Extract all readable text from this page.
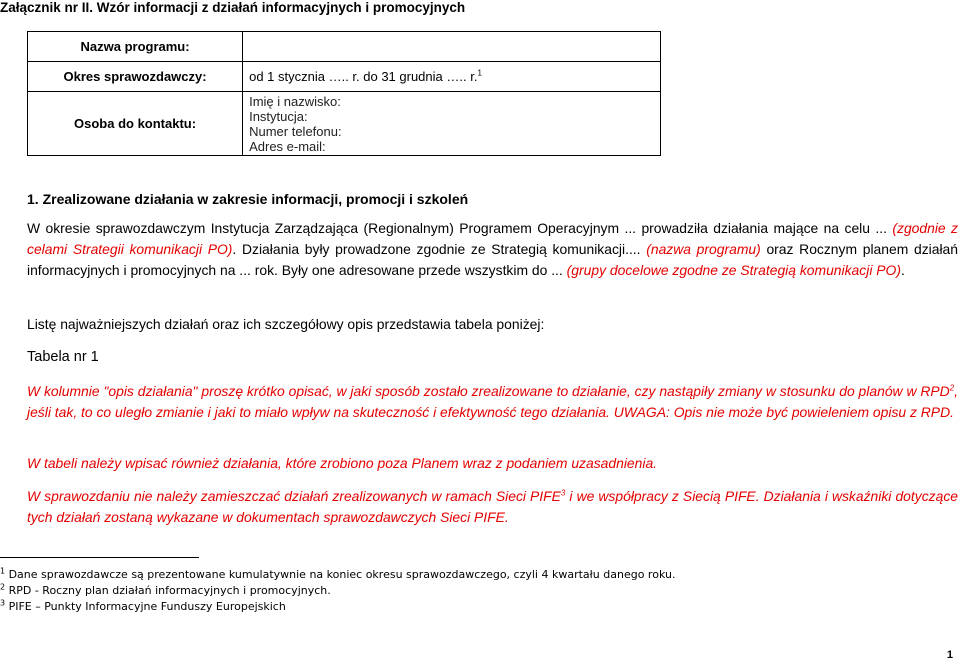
Załącznik nr II. Wzór informacji z działań informacyjnych i promocyjnych
Nazwa programu:	
Okres sprawozdawczy:	od 1 stycznia ….. r. do 31 grudnia ….. r.$^1$
Osoba do kontaktu:	Imię i nazwisko:
Instytucja:
Numer telefonu:
Adres e-mail:
1. Zrealizowane działania w zakresie informacji, promocji i szkoleń
W okresie sprawozdawczym Instytucja Zarządzająca (Regionalnym) Programem Operacyjnym ... prowadziła działania mające na celu ... (zgodnie z celami Strategii komunikacji PO). Działania były prowadzone zgodnie ze Strategią komunikacji.... (nazwa programu) oraz Rocznym planem działań informacyjnych i promocyjnych na ... rok. Były one adresowane przede wszystkim do ... (grupy docelowe zgodne ze Strategią komunikacji PO).
Listę najważniejszych działań oraz ich szczegółowy opis przedstawia tabela poniżej:
Tabela nr 1
W kolumnie "opis działania" proszę krótko opisać, w jaki sposób zostało zrealizowane to działanie, czy nastąpiły zmiany w stosunku do planów w RPD$^2$, jeśli tak, to co uległo zmianie i jaki to miało wpływ na skuteczność i efektywność tego działania. UWAGA: Opis nie może być powieleniem opisu z RPD.
W tabeli należy wpisać również działania, które zrobiono poza Planem wraz z podaniem uzasadnienia.
W sprawozdaniu nie należy zamieszczać działań zrealizowanych w ramach Sieci PIFE$^3$ i we współpracy z Siecią PIFE. Działania i wskaźniki dotyczące tych działań zostaną wykazane w dokumentach sprawozdawczych Sieci PIFE.
$^1$ Dane sprawozdawcze są prezentowane kumulatywnie na koniec okresu sprawozdawczego, czyli 4 kwartału danego roku.
$^2$ RPD - Roczny plan działań informacyjnych i promocyjnych.
$^3$ PIFE – Punkty Informacyjne Funduszy Europejskich
1
